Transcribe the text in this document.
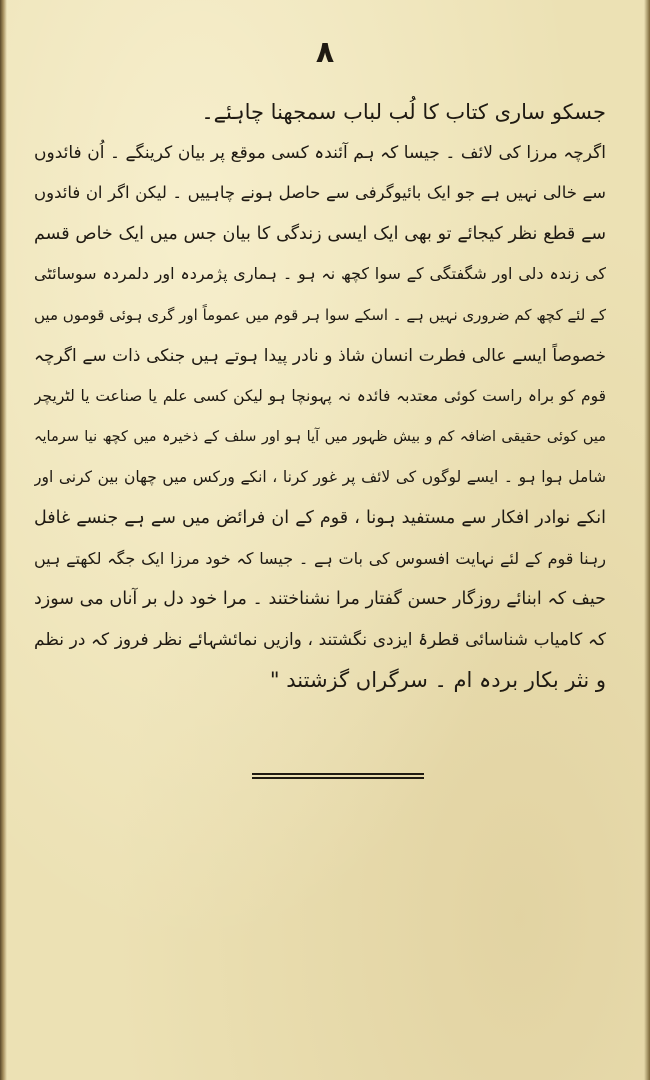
۸
جسکو ساری کتاب کا لُب لباب سمجھنا چاہئے۔
اگرچہ مرزا کی لائف ۔ جیسا کہ ہم آئندہ کسی موقع پر بیان کرینگے ۔ اُن فائدوں
سے خالی نہیں ہے جو ایک بائیوگرفی سے حاصل ہونے چاہییں ۔ لیکن اگر ان فائدوں
سے قطع نظر کیجائے تو بھی ایک ایسی زندگی کا بیان جس میں ایک خاص قسم
کی زندہ دلی اور شگفتگی کے سوا کچھ نہ ہو ۔ ہماری پژمردہ اور دلمردہ سوسائٹی
کے لئے کچھ کم ضروری نہیں ہے ۔ اسکے سوا ہر قوم میں عموماً اور گری ہوئی قوموں میں
خصوصاً ایسے عالی فطرت انسان شاذ و نادر پیدا ہوتے ہیں جنکی ذات سے اگرچہ
قوم کو براہ راست کوئی معتدبہ فائدہ نہ پہونچا ہو لیکن کسی علم یا صناعت یا لٹریچر
میں کوئی حقیقی اضافہ کم و بیش ظہور میں آیا ہو اور سلف کے ذخیرہ میں کچھ نیا سرمایہ
شامل ہوا ہو ۔ ایسے لوگوں کی لائف پر غور کرنا ، انکے ورکس میں چھان بین کرنی اور
انکے نوادر افکار سے مستفید ہونا ، قوم کے ان فرائض میں سے ہے جنسے غافل
رہنا قوم کے لئے نہایت افسوس کی بات ہے ۔ جیسا کہ خود مرزا ایک جگہ لکھتے ہیں
حیف کہ ابنائے روزگار حسن گفتار مرا نشناختند ۔ مرا خود دل بر آناں می سوزد
کہ کامیاب شناسائی قطرۂ ایزدی نگشتند ، وازیں نمائشہائے نظر فروز کہ در نظم
و نثر بکار بردہ ام ۔ سرگراں گزشتند "
